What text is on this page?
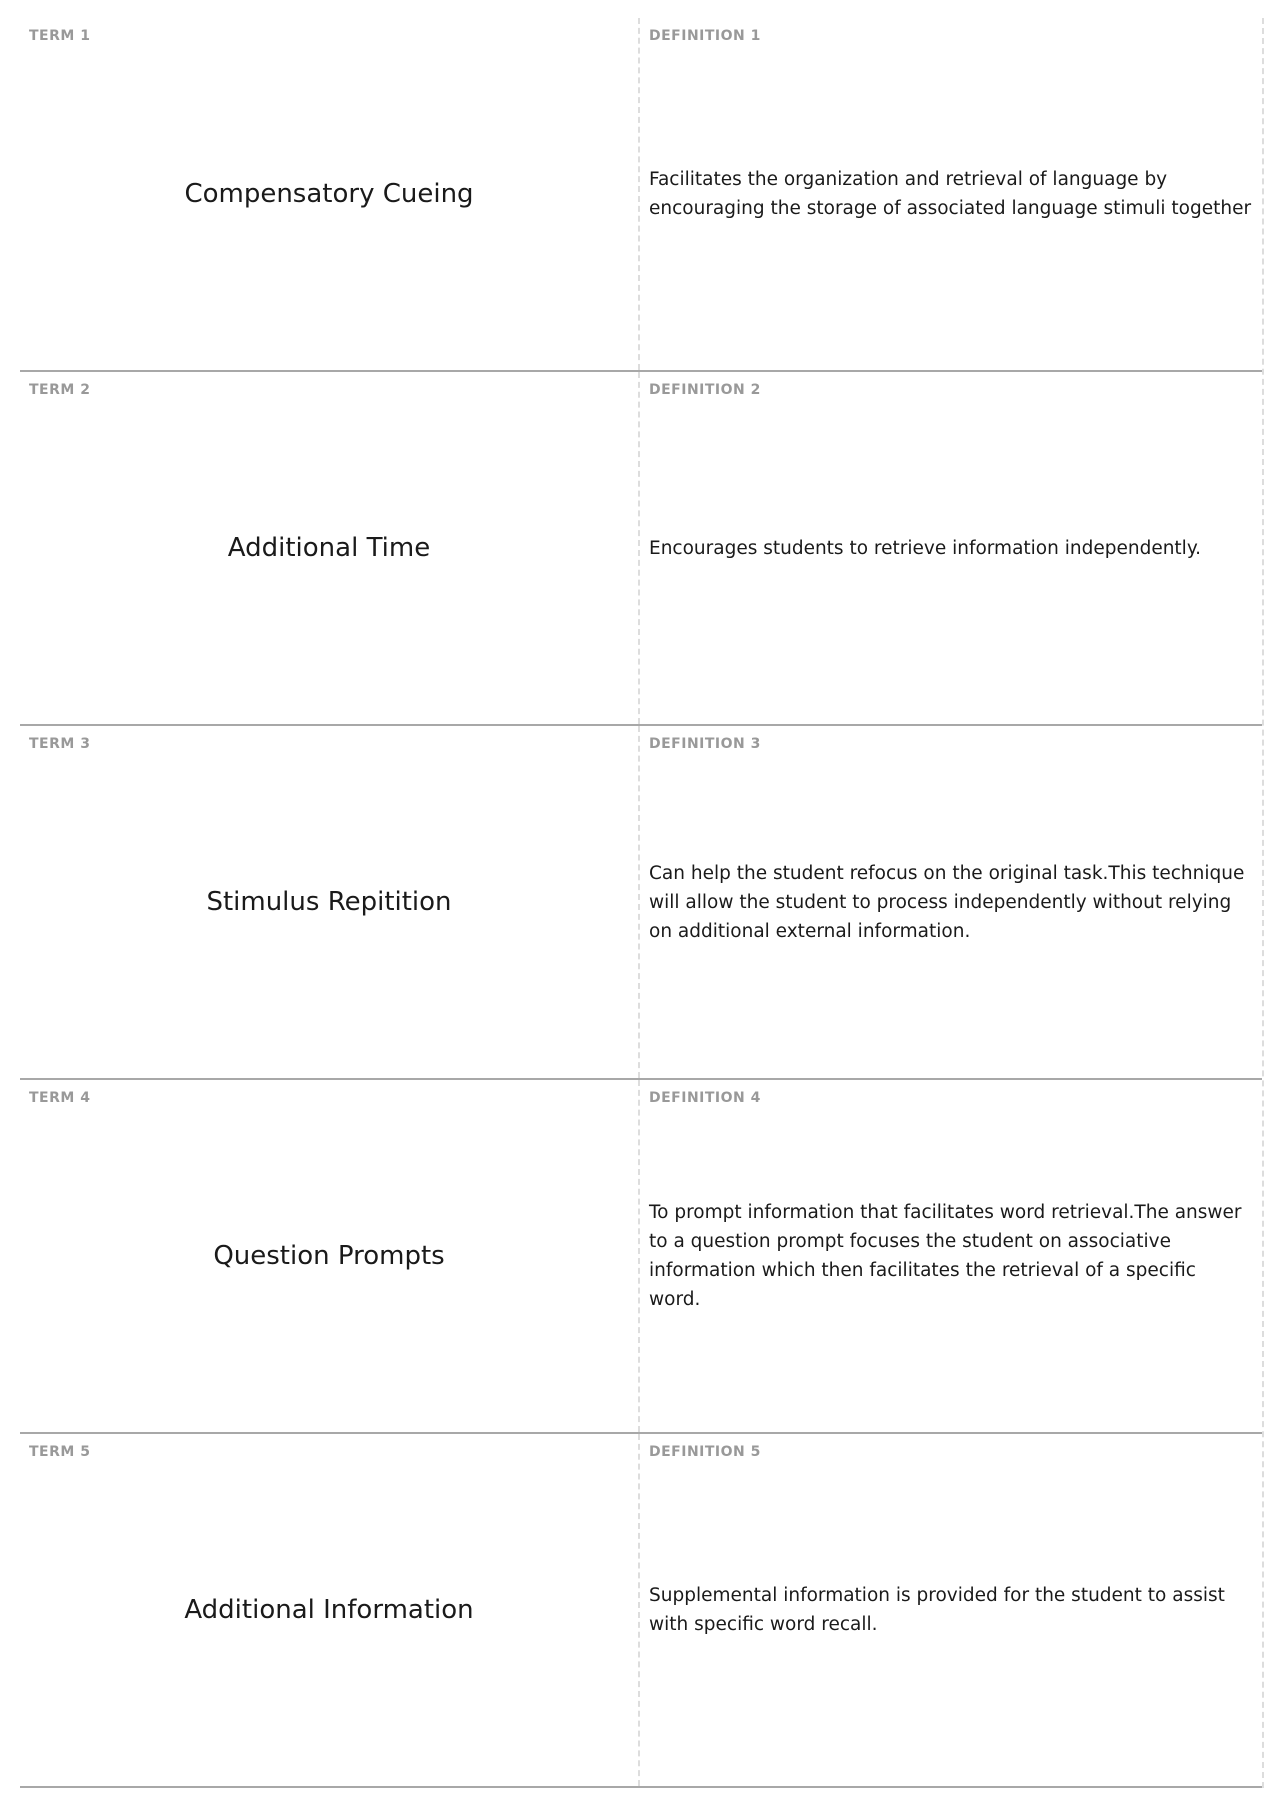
TERM 1
Compensatory Cueing
DEFINITION 1
Facilitates the organization and retrieval of language by encouraging the storage of associated language stimuli together
TERM 2
Additional Time
DEFINITION 2
Encourages students to retrieve information independently.
TERM 3
Stimulus Repitition
DEFINITION 3
Can help the student refocus on the original task.This technique will allow the student to process independently without relying on additional external information.
TERM 4
Question Prompts
DEFINITION 4
To prompt information that facilitates word retrieval.The answer to a question prompt focuses the student on associative information which then facilitates the retrieval of a specific word.
TERM 5
Additional Information
DEFINITION 5
Supplemental information is provided for the student to assist with specific word recall.
